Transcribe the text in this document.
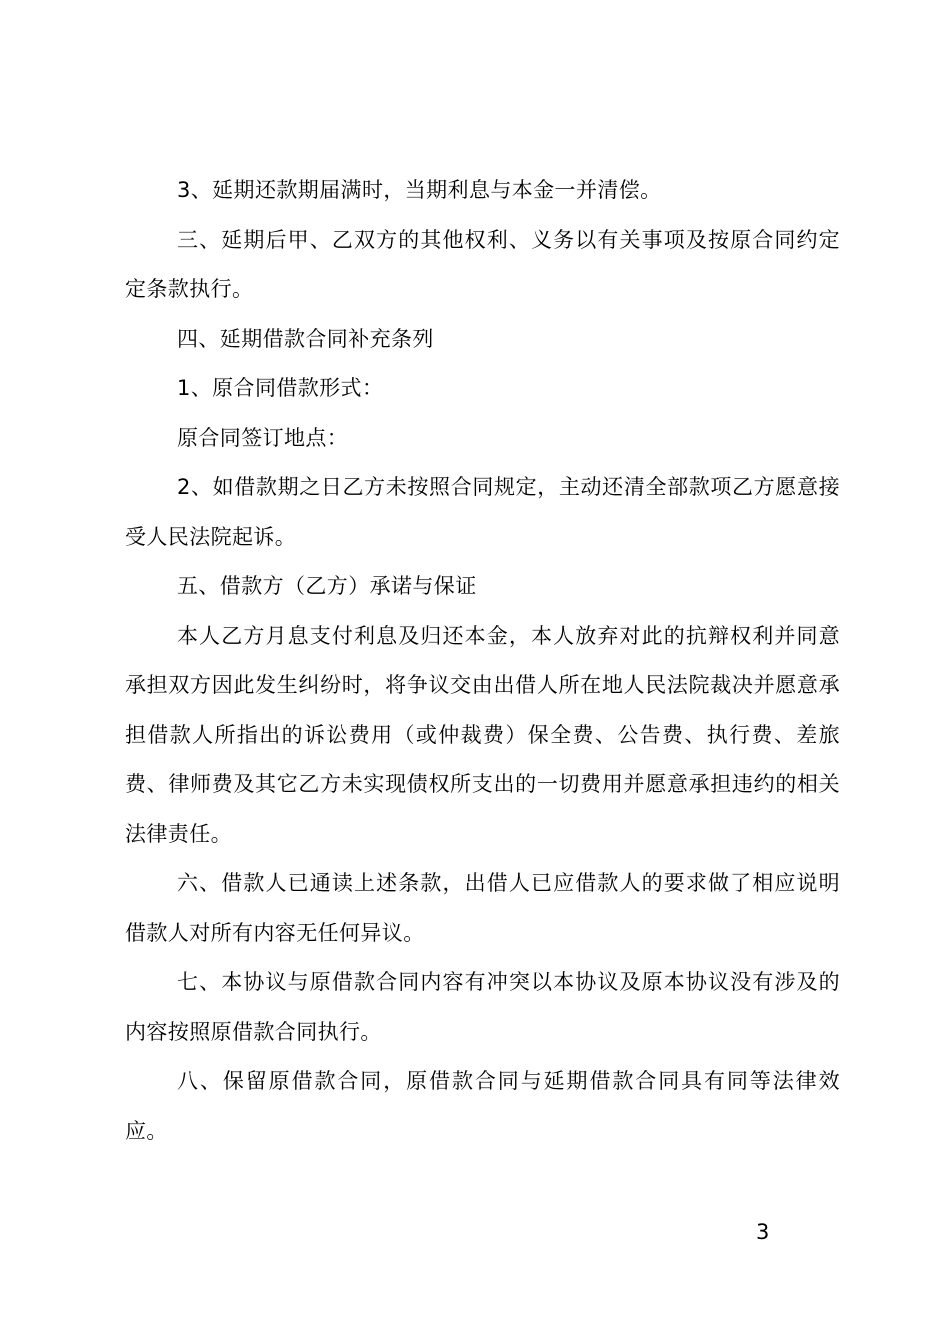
3、延期还款期届满时，当期利息与本金一并清偿。

三、延期后甲、乙双方的其他权利、义务以有关事项及按原合同约定定条款执行。

四、延期借款合同补充条列

1、原合同借款形式：

原合同签订地点：

2、如借款期之日乙方未按照合同规定，主动还清全部款项乙方愿意接受人民法院起诉。

五、借款方（乙方）承诺与保证

本人乙方月息支付利息及归还本金，本人放弃对此的抗辩权利并同意承担双方因此发生纠纷时，将争议交由出借人所在地人民法院裁决并愿意承担借款人所指出的诉讼费用（或仲裁费）保全费、公告费、执行费、差旅费、律师费及其它乙方未实现债权所支出的一切费用并愿意承担违约的相关法律责任。

六、借款人已通读上述条款，出借人已应借款人的要求做了相应说明借款人对所有内容无任何异议。

七、本协议与原借款合同内容有冲突以本协议及原本协议没有涉及的内容按照原借款合同执行。

八、保留原借款合同，原借款合同与延期借款合同具有同等法律效应。

3
